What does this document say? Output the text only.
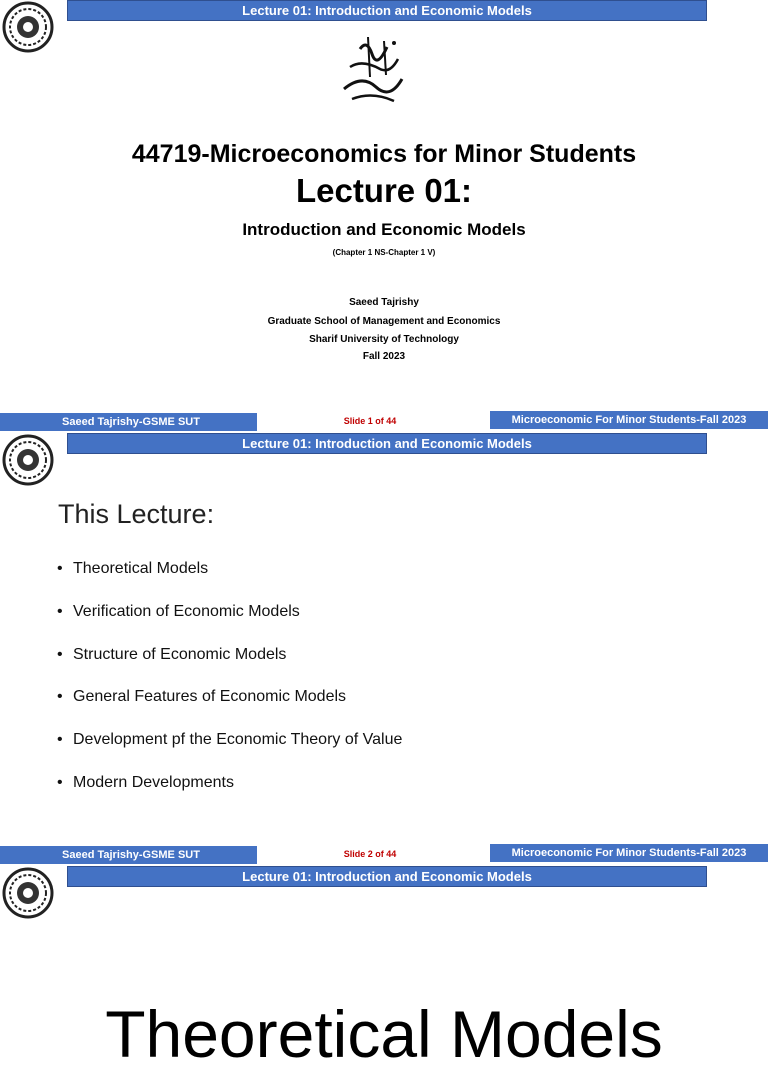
Lecture 01: Introduction and Economic Models
44719-Microeconomics for Minor Students
Lecture 01:
Introduction and Economic Models
(Chapter 1 NS-Chapter 1 V)
Saeed Tajrishy
Graduate School of Management and Economics
Sharif University of Technology
Fall 2023
Saeed Tajrishy-GSME SUT	Slide 1 of 44	Microeconomic For Minor Students-Fall 2023
Lecture 01: Introduction and Economic Models
This Lecture:
• Theoretical Models
• Verification of Economic Models
• Structure of Economic Models
• General Features of Economic Models
• Development pf the Economic Theory of Value
• Modern Developments
Saeed Tajrishy-GSME SUT	Slide 2 of 44	Microeconomic For Minor Students-Fall 2023
Lecture 01: Introduction and Economic Models
Theoretical Models
